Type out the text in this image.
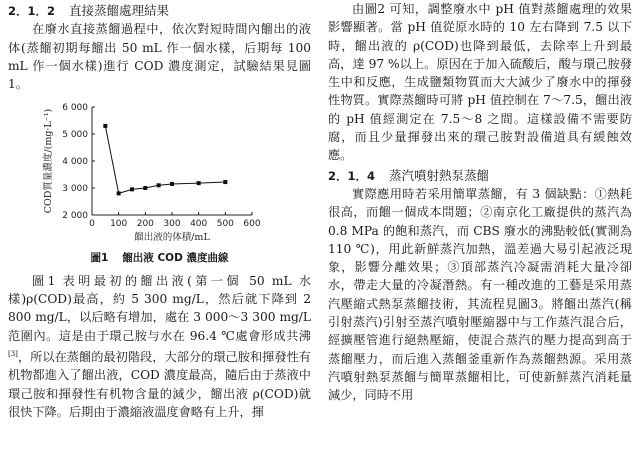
2．1．2 直接蒸餾處理結果

在廢水直接蒸餾過程中，依次對短時間內餾出的液体(蒸餾初期每餾出 50 mL 作一個水樣，后期每 100 mL 作一個水樣)進行 COD 濃度測定，試驗結果見圖1。

0 100 200 300 400 500 600
2 000
3 000
4 000
5 000
6 000
餾出液的体積/mL
COD質量濃度/(mg·L⁻¹)

圖1 餾出液 COD 濃度曲線

圖1 表明最初的餾出液(第一個 50 mL 水樣)ρ(COD)最高，約 5 300 mg/L，然后就下降到 2 800 mg/L，以后略有增加，處在 3 000～3 300 mg/L 范圍內。這是由于環己胺与水在 96.4 ℃處會形成共沸[3]，所以在蒸餾的最初階段，大部分的環己胺和揮發性有机物都進入了餾出液，COD 濃度最高，隨后由于蒸液中環己胺和揮發性有机物含量的減少，餾出液 ρ(COD)就很快下降。后期由于濃縮液溫度會略有上升，揮

由圖2 可知，調整廢水中 pH 值對蒸餾處理的效果影響顯著。當 pH 值從原水時的 10 左右降到 7.5 以下時，餾出液的 ρ(COD)也降到最低，去除率上升到最高，達 97 %以上。原因在于加入硫酸后，酸与環己胺發生中和反應，生成鹽類物質而大大減少了廢水中的揮發性物質。實際蒸餾時可將 pH 值控制在 7～7.5，餾出液的 pH 值經測定在 7.5～8 之間。這樣設備不需要防腐，而且少量揮發出來的環己胺對設備道具有緩蝕效應。

2．1．4 蒸汽噴射熱泵蒸餾

實際應用時若采用簡單蒸餾，有 3 個缺點：①熱耗很高，而餾一個成本問題；②南京化工廠提供的蒸汽為 0.8 MPa 的飽和蒸汽，而 CBS 廢水的沸點較低(實測為 110 ℃)，用此新鮮蒸汽加熱，溫差過大易引起液泛現象，影響分離效果；③頂部蒸汽冷凝需消耗大量冷卻水，帶走大量的冷凝潛熱。有一種改進的工藝是采用蒸汽壓縮式熱泵蒸餾技術，其流程見圖3。將餾出蒸汽(稱引射蒸汽)引射至蒸汽噴射壓縮器中与工作蒸汽混合后，經擴壓管進行絕熱壓縮，使混合蒸汽的壓力提高到高于蒸餾壓力，而后進入蒸餾釜重新作為蒸餾熱源。采用蒸汽噴射熱泵蒸餾与簡單蒸餾相比，可使新鮮蒸汽消耗量減少，同時不用
